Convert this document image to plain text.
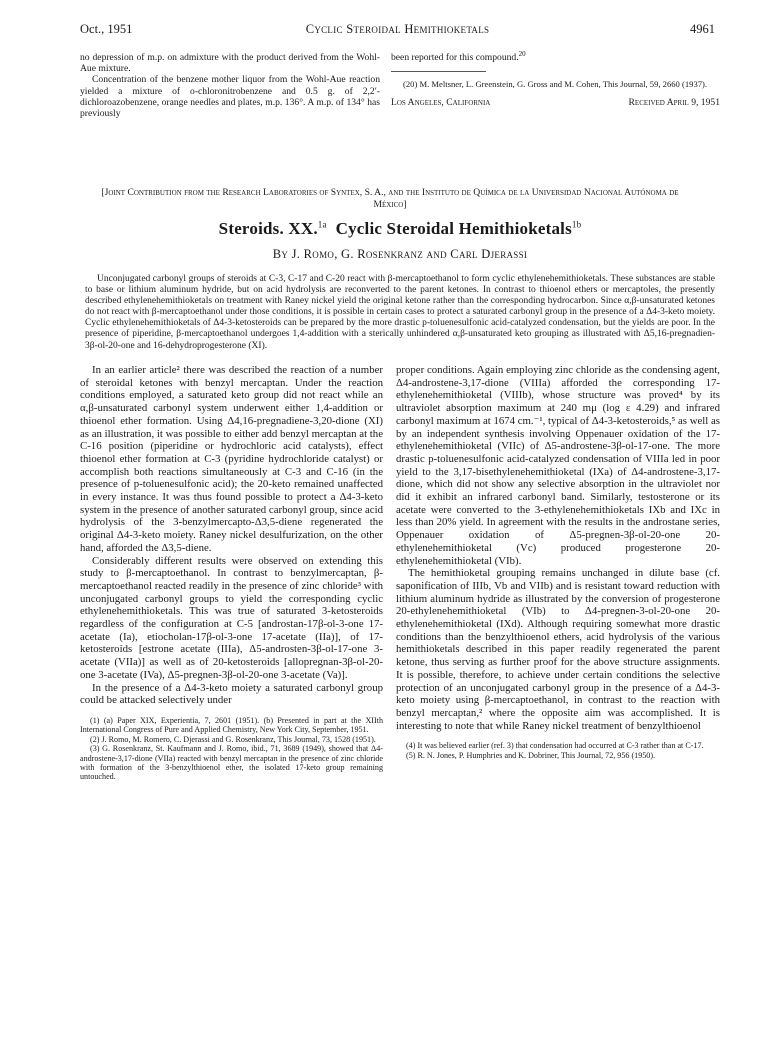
Oct., 1951	Cyclic Steroidal Hemithioketals	4961

no depression of m.p. on admixture with the product derived from the Wohl-Aue mixture.

Concentration of the benzene mother liquor from the Wohl-Aue reaction yielded a mixture of o-chloronitrobenzene and 0.5 g. of 2,2′-dichloroazobenzene, orange needles and plates, m.p. 136°. A m.p. of 134° has previously

been reported for this compound.$^{20}$

(20) M. Meltsner, L. Greenstein, G. Gross and M. Cohen, This Journal, 59, 2660 (1937).

Los Angeles, California	Received April 9, 1951
[Joint Contribution from the Research Laboratories of Syntex, S. A., and the Instituto de Química de la Universidad Nacional Autónoma de México]
Steroids. XX.$^{1a}$ Cyclic Steroidal Hemithioketals$^{1b}$
By J. Romo, G. Rosenkranz and Carl Djerassi

Unconjugated carbonyl groups of steroids at C-3, C-17 and C-20 react with β-mercaptoethanol to form cyclic ethylenehemithioketals. These substances are stable to base or lithium aluminum hydride, but on acid hydrolysis are reconverted to the parent ketones. In contrast to thioenol ethers or mercaptoles, the presently described ethylenehemithioketals on treatment with Raney nickel yield the original ketone rather than the corresponding hydrocarbon. Since α,β-unsaturated ketones do not react with β-mercaptoethanol under those conditions, it is possible in certain cases to protect a saturated carbonyl group in the presence of a Δ4-3-keto moiety. Cyclic ethylenehemithioketals of Δ4-3-ketosteroids can be prepared by the more drastic p-toluenesulfonic acid-catalyzed condensation, but the yields are poor. In the presence of piperidine, β-mercaptoethanol undergoes 1,4-addition with a sterically unhindered α,β-unsaturated keto grouping as illustrated with Δ5,16-pregnadien-3β-ol-20-one and 16-dehydroprogesterone (XI).

In an earlier article² there was described the reaction of a number of steroidal ketones with benzyl mercaptan. Under the reaction conditions employed, a saturated keto group did not react while an α,β-unsaturated carbonyl system underwent either 1,4-addition or thioenol ether formation. Using Δ4,16-pregnadiene-3,20-dione (XI) as an illustration, it was possible to either add benzyl mercaptan at the C-16 position (piperidine or hydrochloric acid catalysts), effect thioenol ether formation at C-3 (pyridine hydrochloride catalyst) or accomplish both reactions simultaneously at C-3 and C-16 (in the presence of p-toluenesulfonic acid); the 20-keto remained unaffected in every instance. It was thus found possible to protect a Δ4-3-keto system in the presence of another saturated carbonyl group, since acid hydrolysis of the 3-benzylmercapto-Δ3,5-diene regenerated the original Δ4-3-keto moiety. Raney nickel desulfurization, on the other hand, afforded the Δ3,5-diene.

Considerably different results were observed on extending this study to β-mercaptoethanol. In contrast to benzylmercaptan, β-mercaptoethanol reacted readily in the presence of zinc chloride³ with unconjugated carbonyl groups to yield the corresponding cyclic ethylenehemithioketals. This was true of saturated 3-ketosteroids regardless of the configuration at C-5 [androstan-17β-ol-3-one 17-acetate (Ia), etiocholan-17β-ol-3-one 17-acetate (IIa)], of 17-ketosteroids [estrone acetate (IIIa), Δ5-androsten-3β-ol-17-one 3-acetate (VIIa)] as well as of 20-ketosteroids [allopregnan-3β-ol-20-one 3-acetate (IVa), Δ5-pregnen-3β-ol-20-one 3-acetate (Va)].

In the presence of a Δ4-3-keto moiety a saturated carbonyl group could be attacked selectively under

(1) (a) Paper XIX, Experientia, 7, 2601 (1951). (b) Presented in part at the XIIth International Congress of Pure and Applied Chemistry, New York City, September, 1951.

(2) J. Romo, M. Romero, C. Djerassi and G. Rosenkranz, This Journal, 73, 1528 (1951).

(3) G. Rosenkranz, St. Kaufmann and J. Romo, ibid., 71, 3689 (1949), showed that Δ4-androstene-3,17-dione (VIIa) reacted with benzyl mercaptan in the presence of zinc chloride with formation of the 3-benzylthioenol ether, the isolated 17-keto group remaining untouched.

proper conditions. Again employing zinc chloride as the condensing agent, Δ4-androstene-3,17-dione (VIIIa) afforded the corresponding 17-ethylenehemithioketal (VIIIb), whose structure was proved⁴ by its ultraviolet absorption maximum at 240 mμ (log ε 4.29) and infrared carbonyl maximum at 1674 cm.⁻¹, typical of Δ4-3-ketosteroids,⁵ as well as by an independent synthesis involving Oppenauer oxidation of the 17-ethylenehemithioketal (VIIc) of Δ5-androstene-3β-ol-17-one. The more drastic p-toluenesulfonic acid-catalyzed condensation of VIIIa led in poor yield to the 3,17-bisethylenehemithioketal (IXa) of Δ4-androstene-3,17-dione, which did not show any selective absorption in the ultraviolet nor did it exhibit an infrared carbonyl band. Similarly, testosterone or its acetate were converted to the 3-ethylenehemithioketals IXb and IXc in less than 20% yield. In agreement with the results in the androstane series, Oppenauer oxidation of Δ5-pregnen-3β-ol-20-one 20-ethylenehemithioketal (Vc) produced progesterone 20-ethylenehemithioketal (VIb).

The hemithioketal grouping remains unchanged in dilute base (cf. saponification of IIIb, Vb and VIIb) and is resistant toward reduction with lithium aluminum hydride as illustrated by the conversion of progesterone 20-ethylenehemithioketal (VIb) to Δ4-pregnen-3-ol-20-one 20-ethylenehemithioketal (IXd). Although requiring somewhat more drastic conditions than the benzylthioenol ethers, acid hydrolysis of the various hemithioketals described in this paper readily regenerated the parent ketone, thus serving as further proof for the above structure assignments. It is possible, therefore, to achieve under certain conditions the selective protection of an unconjugated carbonyl group in the presence of a Δ4-3-keto moiety using β-mercaptoethanol, in contrast to the reaction with benzyl mercaptan,² where the opposite aim was accomplished. It is interesting to note that while Raney nickel treatment of benzylthioenol

(4) It was believed earlier (ref. 3) that condensation had occurred at C-3 rather than at C-17.

(5) R. N. Jones, P. Humphries and K. Dobriner, This Journal, 72, 956 (1950).
